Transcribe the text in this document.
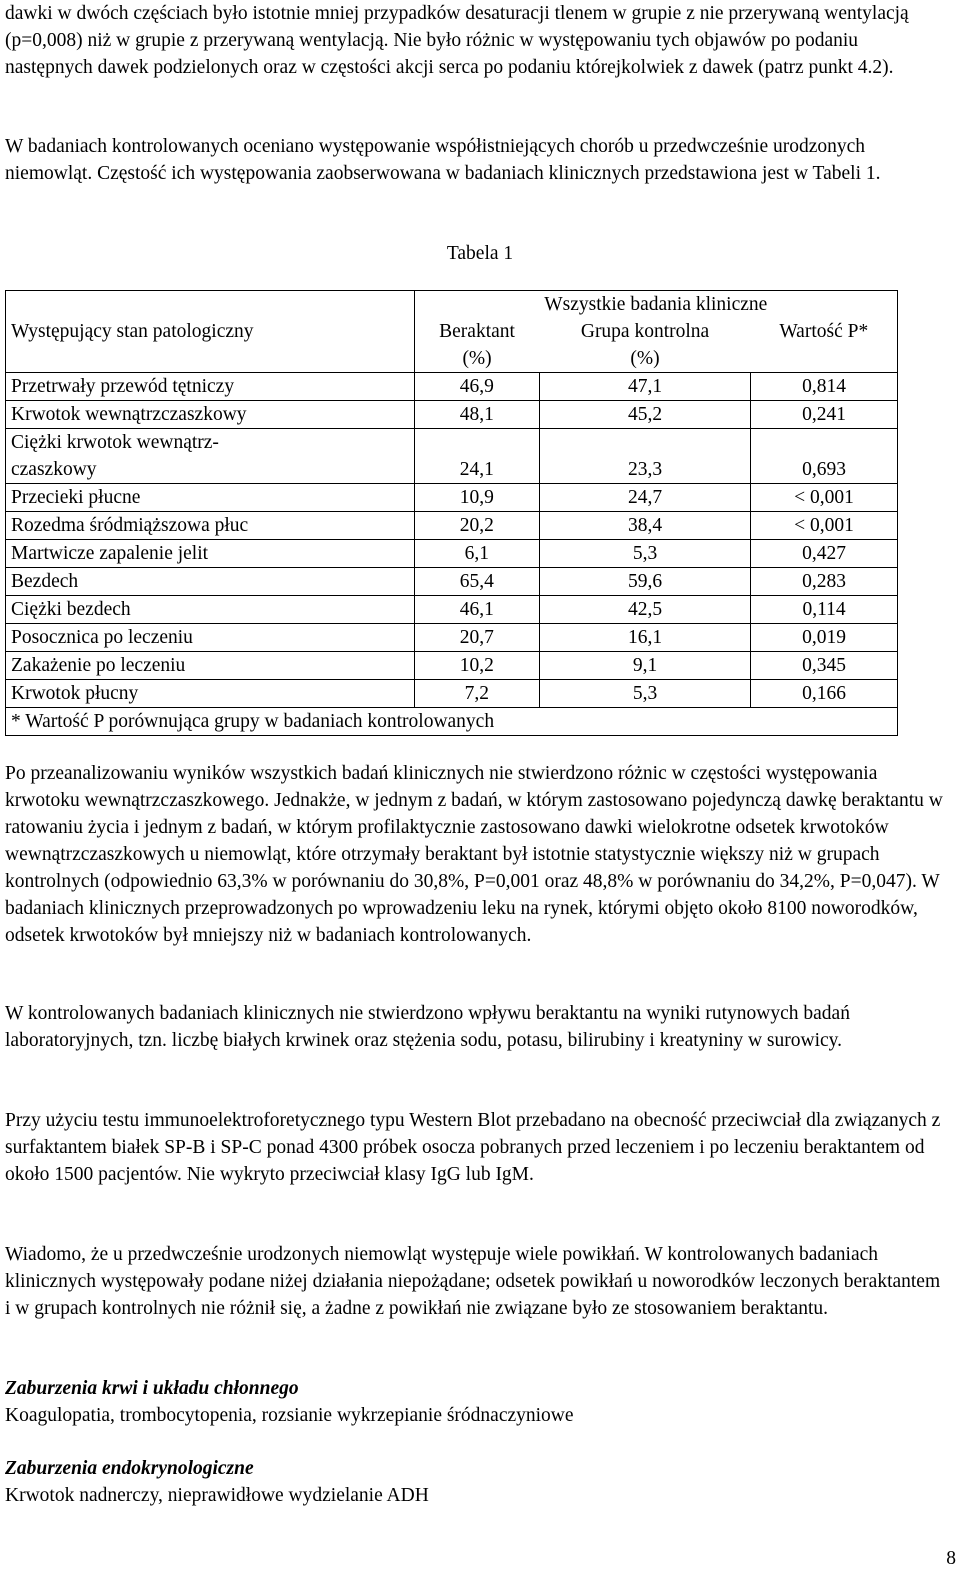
dawki w dwóch częściach było istotnie mniej przypadków desaturacji tlenem w grupie z nie przerywaną wentylacją (p=0,008) niż w grupie z przerywaną wentylacją. Nie było różnic w występowaniu tych objawów po podaniu następnych dawek podzielonych oraz w częstości akcji serca po podaniu którejkolwiek z dawek (patrz punkt 4.2).

W badaniach kontrolowanych oceniano występowanie współistniejących chorób u przedwcześnie urodzonych niemowląt. Częstość ich występowania zaobserwowana w badaniach klinicznych przedstawiona jest w Tabeli 1.

Tabela 1
	Wszystkie badania kliniczne		
Występujący stan patologiczny	Beraktant	Grupa kontrolna	Wartość P*
	(%)	(%)	
Przetrwały przewód tętniczy	46,9	47,1	0,814
Krwotok wewnątrzczaszkowy	48,1	45,2	0,241

Ciężki krwotok wewnątrz-
czaszkowy	24,1	23,3	0,693
Przecieki płucne	10,9	24,7	< 0,001
Rozedma śródmiąższowa płuc	20,2	38,4	< 0,001
Martwicze zapalenie jelit	6,1	5,3	0,427
Bezdech	65,4	59,6	0,283
Ciężki bezdech	46,1	42,5	0,114
Posocznica po leczeniu	20,7	16,1	0,019
Zakażenie po leczeniu	10,2	9,1	0,345
Krwotok płucny	7,2	5,3	0,166
* Wartość P porównująca grupy w badaniach kontrolowanych			

Po przeanalizowaniu wyników wszystkich badań klinicznych nie stwierdzono różnic w częstości występowania krwotoku wewnątrzczaszkowego. Jednakże, w jednym z badań, w którym zastosowano pojedynczą dawkę beraktantu w ratowaniu życia i jednym z badań, w którym profilaktycznie zastosowano dawki wielokrotne odsetek krwotoków wewnątrzczaszkowych u niemowląt, które otrzymały beraktant był istotnie statystycznie większy niż w grupach kontrolnych (odpowiednio 63,3% w porównaniu do 30,8%, P=0,001 oraz 48,8% w porównaniu do 34,2%, P=0,047). W badaniach klinicznych przeprowadzonych po wprowadzeniu leku na rynek, którymi objęto około 8100 noworodków, odsetek krwotoków był mniejszy niż w badaniach kontrolowanych.

W kontrolowanych badaniach klinicznych nie stwierdzono wpływu beraktantu na wyniki rutynowych badań laboratoryjnych, tzn. liczbę białych krwinek oraz stężenia sodu, potasu, bilirubiny i kreatyniny w surowicy.

Przy użyciu testu immunoelektroforetycznego typu Western Blot przebadano na obecność przeciwciał dla związanych z surfaktantem białek SP-B i SP-C ponad 4300 próbek osocza pobranych przed leczeniem i po leczeniu beraktantem od około 1500 pacjentów. Nie wykryto przeciwciał klasy IgG lub IgM.

Wiadomo, że u przedwcześnie urodzonych niemowląt występuje wiele powikłań. W kontrolowanych badaniach klinicznych występowały podane niżej działania niepożądane; odsetek powikłań u noworodków leczonych beraktantem i w grupach kontrolnych nie różnił się, a żadne z powikłań nie związane było ze stosowaniem beraktantu.

Zaburzenia krwi i układu chłonnego

Koagulopatia, trombocytopenia, rozsianie wykrzepianie śródnaczyniowe

Zaburzenia endokrynologiczne

Krwotok nadnerczy, nieprawidłowe wydzielanie ADH

8
